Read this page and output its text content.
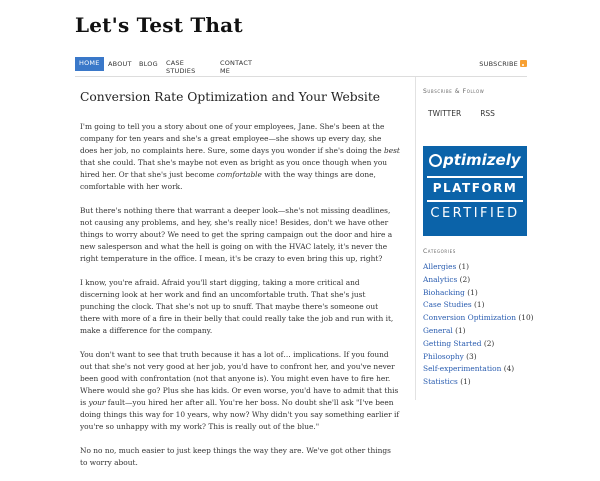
Let's Test That
HOME	ABOUT BLOG CASE
STUDIES
CONTACT
ME
SUBSCRIBE
Conversion Rate Optimization and Your Website

I'm going to tell you a story about one of your employees, Jane. She's been at the company for ten years and she's a great employee—she shows up every day, she does her job, no complaints here. Sure, some days you wonder if she's doing the best that she could. That she's maybe not even as bright as you once though when you hired her. Or that she's just become comfortable with the way things are done, comfortable with her work.

But there's nothing there that warrant a deeper look—she's not missing deadlines, not causing any problems, and hey, she's really nice! Besides, don't we have other things to worry about? We need to get the spring campaign out the door and hire a new salesperson and what the hell is going on with the HVAC lately, it's never the right temperature in the office. I mean, it's be crazy to even bring this up, right?

I know, you're afraid. Afraid you'll start digging, taking a more critical and discerning look at her work and find an uncomfortable truth. That she's just punching the clock. That she's not up to snuff. That maybe there's someone out there with more of a fire in their belly that could really take the job and run with it, make a difference for the company.

You don't want to see that truth because it has a lot of… implications. If you found out that she's not very good at her job, you'd have to confront her, and you've never been good with confrontation (not that anyone is). You might even have to fire her. Where would she go? Plus she has kids. Or even worse, you'd have to admit that this is your fault—you hired her after all. You're her boss. No doubt she'll ask "I've been doing things this way for 10 years, why now? Why didn't you say something earlier if you're so unhappy with my work? This is really out of the blue."

No no no, much easier to just keep things the way they are. We've got other things to worry about.

Subscribe & Follow
TWITTER	RSS
ptimizely
PLATFORM
CERTIFIED
Categories
Allergies (1)
Analytics (2)
Biohacking (1)
Case Studies (1)
Conversion Optimization (10)
General (1)
Getting Started (2)
Philosophy (3)
Self-experimentation (4)
Statistics (1)
